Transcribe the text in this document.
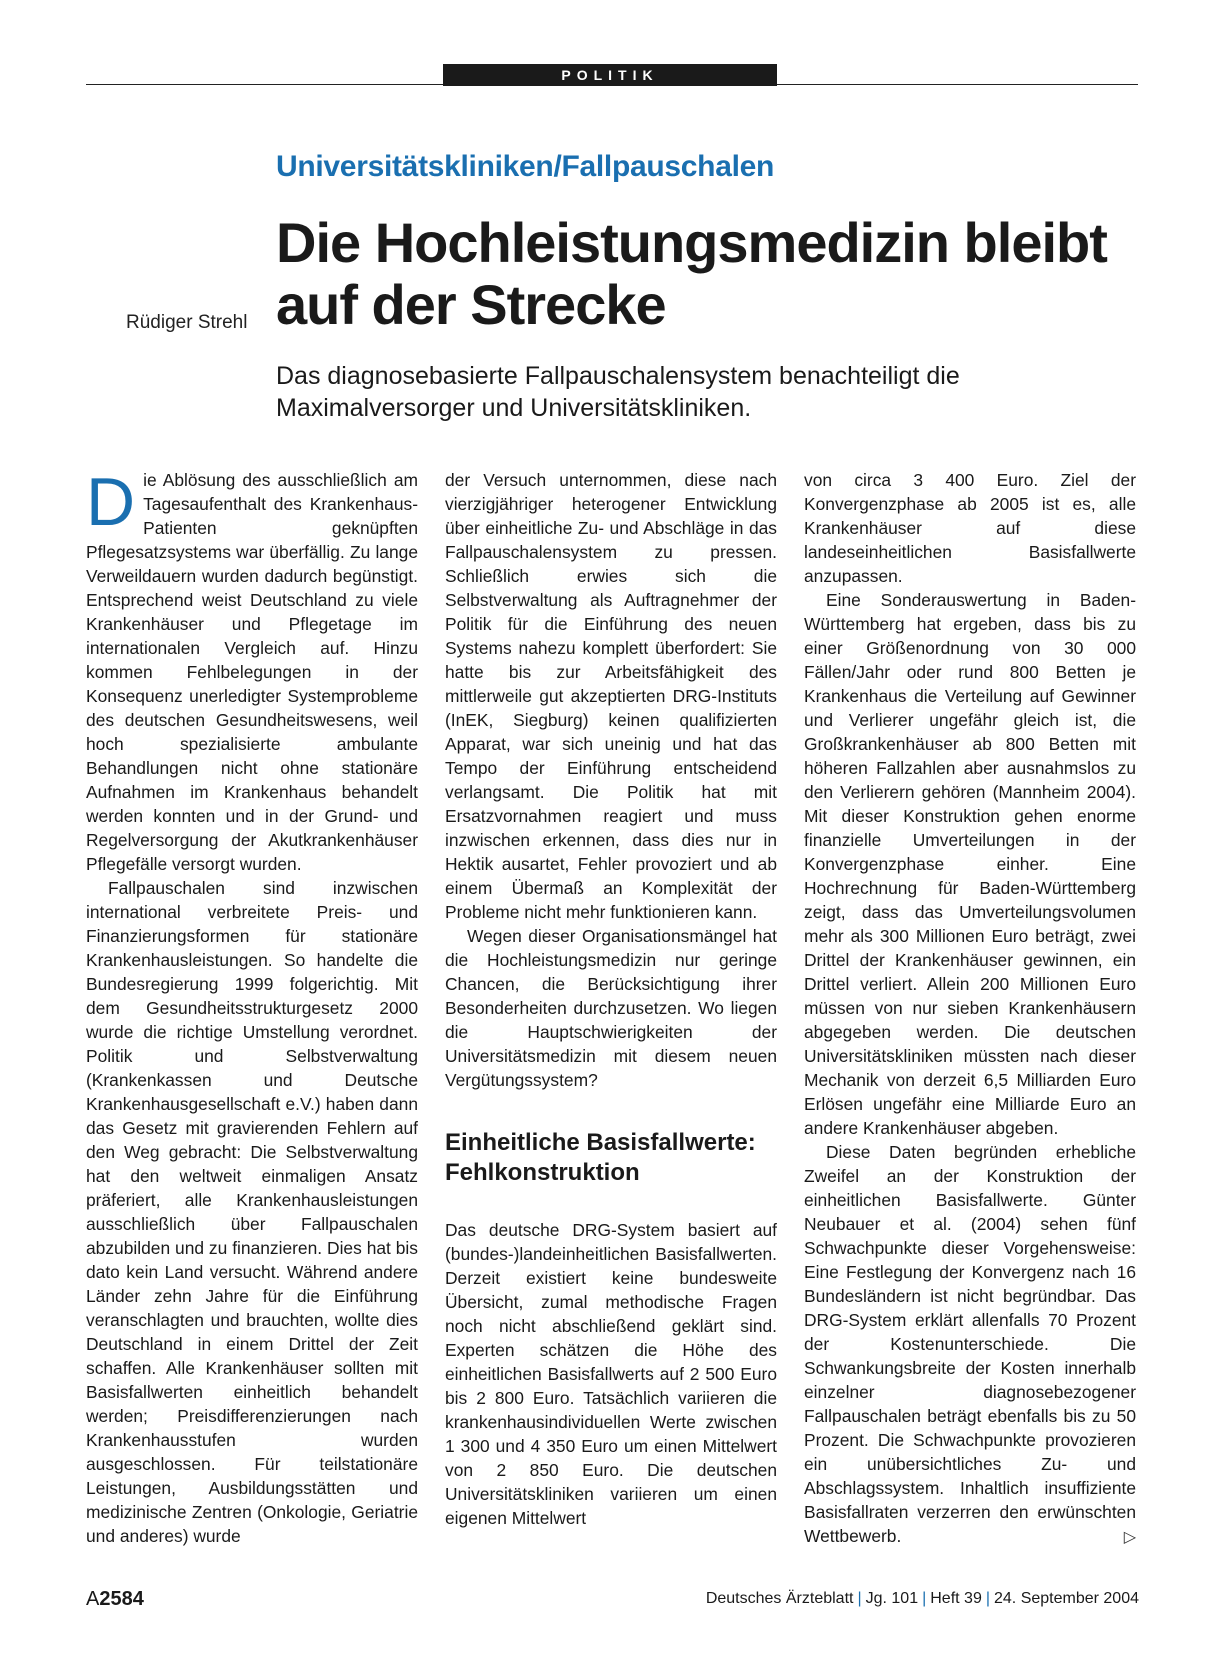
POLITIK
Universitätskliniken/Fallpauschalen
Die Hochleistungsmedizin bleibt auf der Strecke
Rüdiger Strehl
Das diagnosebasierte Fallpauschalensystem benachteiligt die Maximalversorger und Universitätskliniken.

Die Ablösung des ausschließlich am Tagesaufenthalt des Krankenhaus-Patienten geknüpften Pflegesatzsystems war überfällig. Zu lange Verweildauern wurden dadurch begünstigt. Entsprechend weist Deutschland zu viele Krankenhäuser und Pflegetage im internationalen Vergleich auf. Hinzu kommen Fehlbelegungen in der Konsequenz unerledigter Systemprobleme des deutschen Gesundheitswesens, weil hoch spezialisierte ambulante Behandlungen nicht ohne stationäre Aufnahmen im Krankenhaus behandelt werden konnten und in der Grund- und Regelversorgung der Akutkrankenhäuser Pflegefälle versorgt wurden.

Fallpauschalen sind inzwischen international verbreitete Preis- und Finanzierungsformen für stationäre Krankenhausleistungen. So handelte die Bundesregierung 1999 folgerichtig. Mit dem Gesundheitsstrukturgesetz 2000 wurde die richtige Umstellung verordnet. Politik und Selbstverwaltung (Krankenkassen und Deutsche Krankenhausgesellschaft e.V.) haben dann das Gesetz mit gravierenden Fehlern auf den Weg gebracht: Die Selbstverwaltung hat den weltweit einmaligen Ansatz präferiert, alle Krankenhausleistungen ausschließlich über Fallpauschalen abzubilden und zu finanzieren. Dies hat bis dato kein Land versucht. Während andere Länder zehn Jahre für die Einführung veranschlagten und brauchten, wollte dies Deutschland in einem Drittel der Zeit schaffen. Alle Krankenhäuser sollten mit Basisfallwerten einheitlich behandelt werden; Preisdifferenzierungen nach Krankenhausstufen wurden ausgeschlossen. Für teilstationäre Leistungen, Ausbildungsstätten und medizinische Zentren (Onkologie, Geriatrie und anderes) wurde

der Versuch unternommen, diese nach vierzigjähriger heterogener Entwicklung über einheitliche Zu- und Abschläge in das Fallpauschalensystem zu pressen. Schließlich erwies sich die Selbstverwaltung als Auftragnehmer der Politik für die Einführung des neuen Systems nahezu komplett überfordert: Sie hatte bis zur Arbeitsfähigkeit des mittlerweile gut akzeptierten DRG-Instituts (InEK, Siegburg) keinen qualifizierten Apparat, war sich uneinig und hat das Tempo der Einführung entscheidend verlangsamt. Die Politik hat mit Ersatzvornahmen reagiert und muss inzwischen erkennen, dass dies nur in Hektik ausartet, Fehler provoziert und ab einem Übermaß an Komplexität der Probleme nicht mehr funktionieren kann.

Wegen dieser Organisationsmängel hat die Hochleistungsmedizin nur geringe Chancen, die Berücksichtigung ihrer Besonderheiten durchzusetzen. Wo liegen die Hauptschwierigkeiten der Universitätsmedizin mit diesem neuen Vergütungssystem?

Einheitliche Basisfallwerte: Fehlkonstruktion

Das deutsche DRG-System basiert auf (bundes-)landeinheitlichen Basisfallwerten. Derzeit existiert keine bundesweite Übersicht, zumal methodische Fragen noch nicht abschließend geklärt sind. Experten schätzen die Höhe des einheitlichen Basisfallwerts auf 2 500 Euro bis 2 800 Euro. Tatsächlich variieren die krankenhausindividuellen Werte zwischen 1 300 und 4 350 Euro um einen Mittelwert von 2 850 Euro. Die deutschen Universitätskliniken variieren um einen eigenen Mittelwert

von circa 3 400 Euro. Ziel der Konvergenzphase ab 2005 ist es, alle Krankenhäuser auf diese landeseinheitlichen Basisfallwerte anzupassen.

Eine Sonderauswertung in Baden-Württemberg hat ergeben, dass bis zu einer Größenordnung von 30 000 Fällen/Jahr oder rund 800 Betten je Krankenhaus die Verteilung auf Gewinner und Verlierer ungefähr gleich ist, die Großkrankenhäuser ab 800 Betten mit höheren Fallzahlen aber ausnahmslos zu den Verlierern gehören (Mannheim 2004). Mit dieser Konstruktion gehen enorme finanzielle Umverteilungen in der Konvergenzphase einher. Eine Hochrechnung für Baden-Württemberg zeigt, dass das Umverteilungsvolumen mehr als 300 Millionen Euro beträgt, zwei Drittel der Krankenhäuser gewinnen, ein Drittel verliert. Allein 200 Millionen Euro müssen von nur sieben Krankenhäusern abgegeben werden. Die deutschen Universitätskliniken müssten nach dieser Mechanik von derzeit 6,5 Milliarden Euro Erlösen ungefähr eine Milliarde Euro an andere Krankenhäuser abgeben.

Diese Daten begründen erhebliche Zweifel an der Konstruktion der einheitlichen Basisfallwerte. Günter Neubauer et al. (2004) sehen fünf Schwachpunkte dieser Vorgehensweise: Eine Festlegung der Konvergenz nach 16 Bundesländern ist nicht begründbar. Das DRG-System erklärt allenfalls 70 Prozent der Kostenunterschiede. Die Schwankungsbreite der Kosten innerhalb einzelner diagnosebezogener Fallpauschalen beträgt ebenfalls bis zu 50 Prozent. Die Schwachpunkte provozieren ein unübersichtliches Zu- und Abschlagssystem. Inhaltlich insuffiziente Basisfallraten verzerren den erwünschten Wettbewerb.	▷

A2584	Deutsches Ärzteblatt | Jg. 101 | Heft 39 | 24. September 2004
